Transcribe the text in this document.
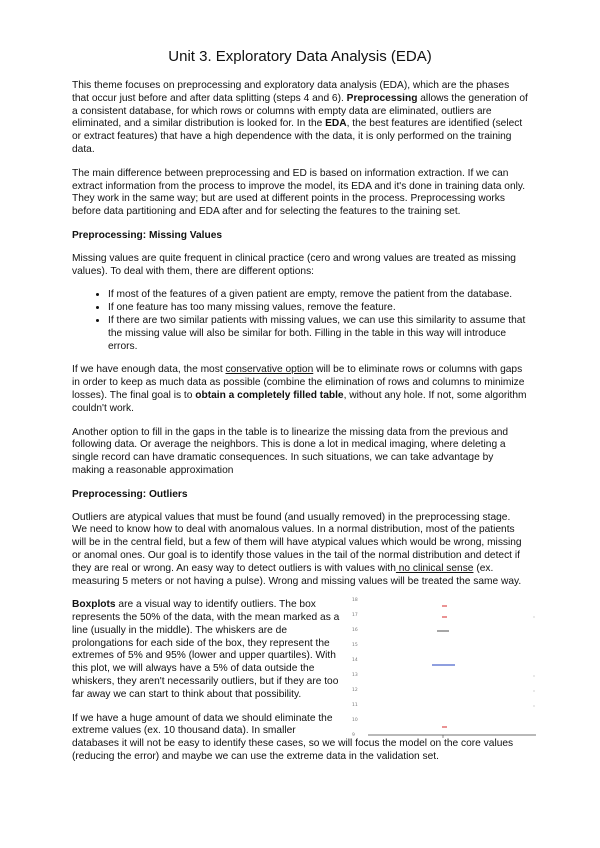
Unit 3. Exploratory Data Analysis (EDA)

This theme focuses on preprocessing and exploratory data analysis (EDA), which are the phases that occur just before and after data splitting (steps 4 and 6). Preprocessing allows the generation of a consistent database, for which rows or columns with empty data are eliminated, outliers are eliminated, and a similar distribution is looked for. In the EDA, the best features are identified (select or extract features) that have a high dependence with the data, it is only performed on the training data.

The main difference between preprocessing and ED is based on information extraction. If we can extract information from the process to improve the model, its EDA and it's done in training data only. They work in the same way; but are used at different points in the process. Preprocessing works before data partitioning and EDA after and for selecting the features to the training set.

Preprocessing: Missing Values

Missing values are quite frequent in clinical practice (cero and wrong values are treated as missing values). To deal with them, there are different options:

• If most of the features of a given patient are empty, remove the patient from the database.
• If one feature has too many missing values, remove the feature.
• If there are two similar patients with missing values, we can use this similarity to assume that the missing value will also be similar for both. Filling in the table in this way will introduce errors.

If we have enough data, the most conservative option will be to eliminate rows or columns with gaps in order to keep as much data as possible (combine the elimination of rows and columns to minimize losses). The final goal is to obtain a completely filled table, without any hole. If not, some algorithm couldn't work.

Another option to fill in the gaps in the table is to linearize the missing data from the previous and following data. Or average the neighbors. This is done a lot in medical imaging, where deleting a single record can have dramatic consequences. In such situations, we can take advantage by making a reasonable approximation

Preprocessing: Outliers

Outliers are atypical values that must be found (and usually removed) in the preprocessing stage. We need to know how to deal with anomalous values. In a normal distribution, most of the patients will be in the central field, but a few of them will have atypical values which would be wrong, missing or anomal ones. Our goal is to identify those values in the tail of the normal distribution and detect if they are real or wrong. An easy way to detect outliers is with values with no clinical sense (ex. measuring 5 meters or not having a pulse). Wrong and missing values will be treated the same way.

Boxplots are a visual way to identify outliers. The box represents the 50% of the data, with the mean marked as a line (usually in the middle). The whiskers are de prolongations for each side of the box, they represent the extremes of 5% and 95% (lower and upper quartiles). With this plot, we will always have a 5% of data outside the whiskers, they aren't necessarily outliers, but if they are too far away we can start to think about that possibility.

18
17
16
15
14
13
12
11
10
9

If we have a huge amount of data we should eliminate the extreme values (ex. 10 thousand data). In smaller
databases it will not be easy to identify these cases, so we will focus the model on the core values (reducing the error) and maybe we can use the extreme data in the validation set.
